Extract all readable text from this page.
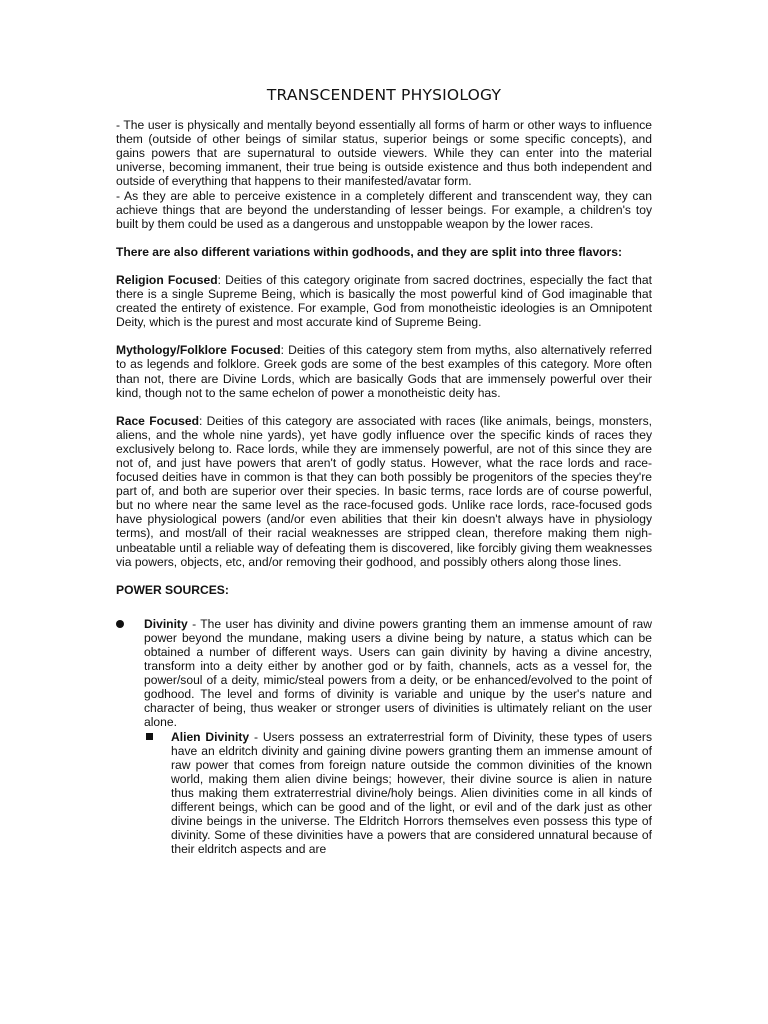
TRANSCENDENT PHYSIOLOGY

- The user is physically and mentally beyond essentially all forms of harm or other ways to influence them (outside of other beings of similar status, superior beings or some specific concepts), and gains powers that are supernatural to outside viewers. While they can enter into the material universe, becoming immanent, their true being is outside existence and thus both independent and outside of everything that happens to their manifested/avatar form.

- As they are able to perceive existence in a completely different and transcendent way, they can achieve things that are beyond the understanding of lesser beings. For example, a children's toy built by them could be used as a dangerous and unstoppable weapon by the lower races.

There are also different variations within godhoods, and they are split into three flavors:

Religion Focused: Deities of this category originate from sacred doctrines, especially the fact that there is a single Supreme Being, which is basically the most powerful kind of God imaginable that created the entirety of existence. For example, God from monotheistic ideologies is an Omnipotent Deity, which is the purest and most accurate kind of Supreme Being.

Mythology/Folklore Focused: Deities of this category stem from myths, also alternatively referred to as legends and folklore. Greek gods are some of the best examples of this category. More often than not, there are Divine Lords, which are basically Gods that are immensely powerful over their kind, though not to the same echelon of power a monotheistic deity has.

Race Focused: Deities of this category are associated with races (like animals, beings, monsters, aliens, and the whole nine yards), yet have godly influence over the specific kinds of races they exclusively belong to. Race lords, while they are immensely powerful, are not of this since they are not of, and just have powers that aren't of godly status. However, what the race lords and race-focused deities have in common is that they can both possibly be progenitors of the species they're part of, and both are superior over their species. In basic terms, race lords are of course powerful, but no where near the same level as the race-focused gods. Unlike race lords, race-focused gods have physiological powers (and/or even abilities that their kin doesn't always have in physiology terms), and most/all of their racial weaknesses are stripped clean, therefore making them nigh-unbeatable until a reliable way of defeating them is discovered, like forcibly giving them weaknesses via powers, objects, etc, and/or removing their godhood, and possibly others along those lines.

POWER SOURCES:

Divinity - The user has divinity and divine powers granting them an immense amount of raw power beyond the mundane, making users a divine being by nature, a status which can be obtained a number of different ways. Users can gain divinity by having a divine ancestry, transform into a deity either by another god or by faith, channels, acts as a vessel for, the power/soul of a deity, mimic/steal powers from a deity, or be enhanced/evolved to the point of godhood. The level and forms of divinity is variable and unique by the user's nature and character of being, thus weaker or stronger users of divinities is ultimately reliant on the user alone.
Alien Divinity - Users possess an extraterrestrial form of Divinity, these types of users have an eldritch divinity and gaining divine powers granting them an immense amount of raw power that comes from foreign nature outside the common divinities of the known world, making them alien divine beings; however, their divine source is alien in nature thus making them extraterrestrial divine/holy beings. Alien divinities come in all kinds of different beings, which can be good and of the light, or evil and of the dark just as other divine beings in the universe. The Eldritch Horrors themselves even possess this type of divinity. Some of these divinities have a powers that are considered unnatural because of their eldritch aspects and are
